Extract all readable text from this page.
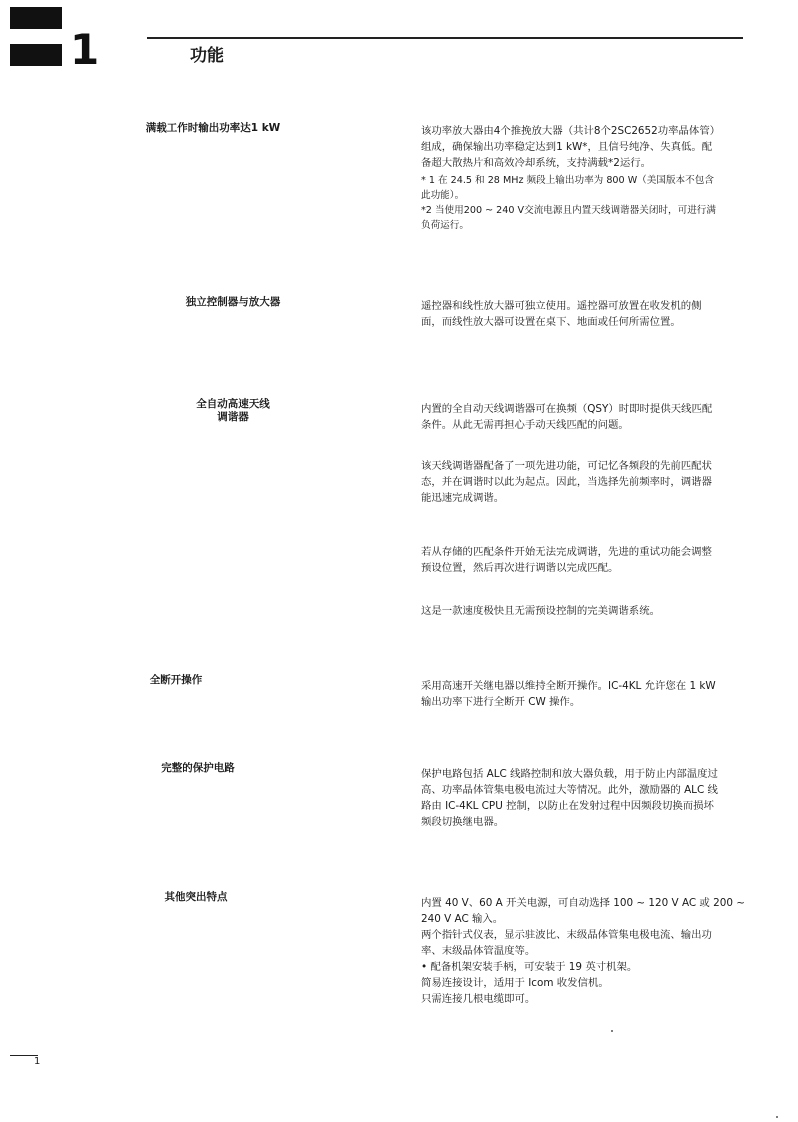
1	功能
满载工作时输出功率达1 kW	该功率放大器由4个推挽放大器（共计8个2SC2652功率晶体管）
组成，确保输出功率稳定达到1 kW*，且信号纯净、失真低。配
备超大散热片和高效冷却系统，支持满载*2运行。

* 1 在 24.5 和 28 MHz 频段上输出功率为 800 W（美国版本不包含
此功能）。
*2 当使用200 ~ 240 V交流电源且内置天线调谐器关闭时，可进行满
负荷运行。

独立控制器与放大器	遥控器和线性放大器可独立使用。遥控器可放置在收发机的侧
面，而线性放大器可设置在桌下、地面或任何所需位置。

全自动高速天线
调谐器

内置的全自动天线调谐器可在换频（QSY）时即时提供天线匹配
条件。从此无需再担心手动天线匹配的问题。

该天线调谐器配备了一项先进功能，可记忆各频段的先前匹配状
态，并在调谐时以此为起点。因此，当选择先前频率时，调谐器
能迅速完成调谐。

若从存储的匹配条件开始无法完成调谐，先进的重试功能会调整
预设位置，然后再次进行调谐以完成匹配。

这是一款速度极快且无需预设控制的完美调谐系统。

全断开操作	采用高速开关继电器以维持全断开操作。IC-4KL 允许您在 1 kW
输出功率下进行全断开 CW 操作。

完整的保护电路	保护电路包括 ALC 线路控制和放大器负载，用于防止内部温度过
高、功率晶体管集电极电流过大等情况。此外，激励器的 ALC 线
路由 IC-4KL CPU 控制，以防止在发射过程中因频段切换而损坏
频段切换继电器。

其他突出特点	内置 40 V、60 A 开关电源，可自动选择 100 ~ 120 V AC 或 200 ~
240 V AC 输入。
两个指针式仪表，显示驻波比、末级晶体管集电极电流、输出功
率、末级晶体管温度等。
• 配备机架安装手柄，可安装于 19 英寸机架。
简易连接设计，适用于 Icom 收发信机。
只需连接几根电缆即可。

1
